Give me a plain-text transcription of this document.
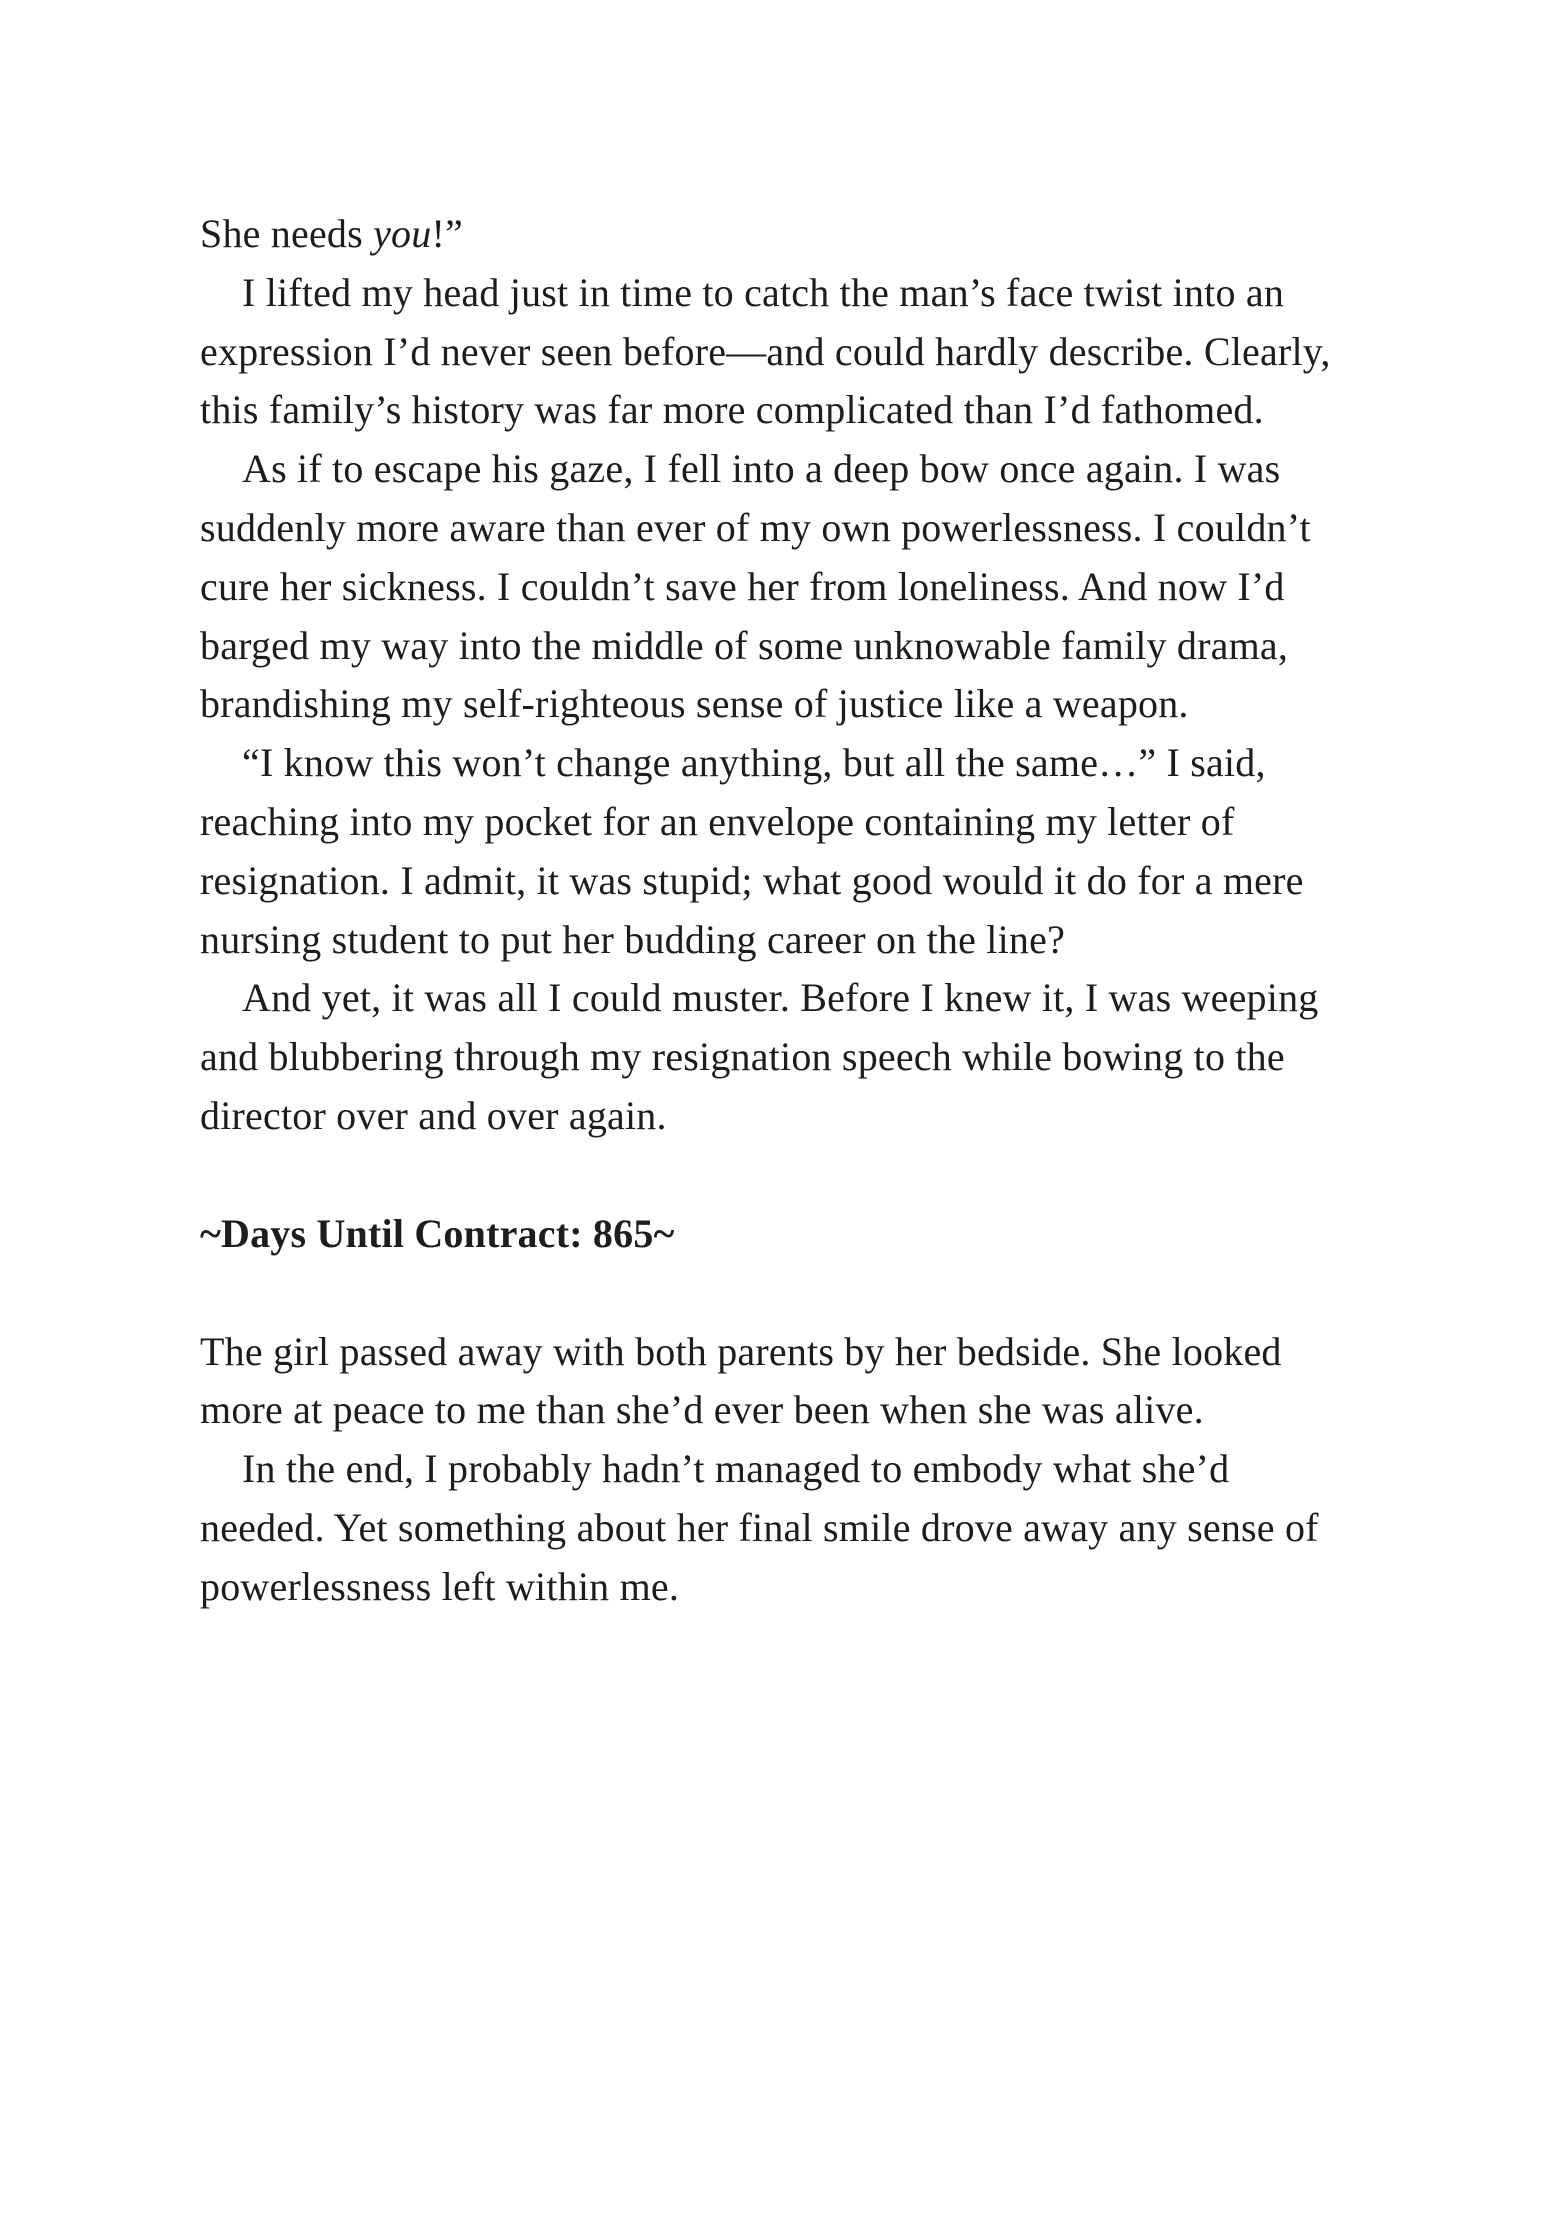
She needs you!”

I lifted my head just in time to catch the man’s face twist into an expression I’d never seen before—and could hardly describe. Clearly, this family’s history was far more complicated than I’d fathomed.

As if to escape his gaze, I fell into a deep bow once again. I was suddenly more aware than ever of my own powerlessness. I couldn’t cure her sickness. I couldn’t save her from loneliness. And now I’d barged my way into the middle of some unknowable family drama, brandishing my self-righteous sense of justice like a weapon.

“I know this won’t change anything, but all the same…” I said, reaching into my pocket for an envelope containing my letter of resignation. I admit, it was stupid; what good would it do for a mere nursing student to put her budding career on the line?

And yet, it was all I could muster. Before I knew it, I was weeping and blubbering through my resignation speech while bowing to the director over and over again.

~Days Until Contract: 865~

The girl passed away with both parents by her bedside. She looked more at peace to me than she’d ever been when she was alive.

In the end, I probably hadn’t managed to embody what she’d needed. Yet something about her final smile drove away any sense of powerlessness left within me.
